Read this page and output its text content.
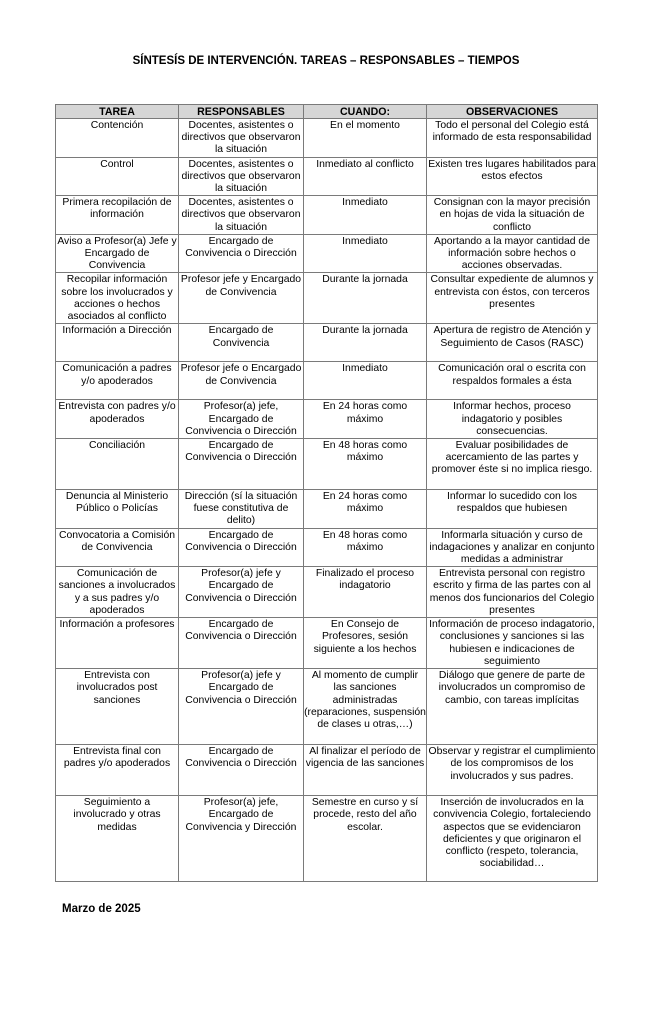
SÍNTESÍS DE INTERVENCIÓN. TAREAS – RESPONSABLES – TIEMPOS
TAREA	RESPONSABLES	CUANDO:	OBSERVACIONES
Contención	Docentes, asistentes o directivos que observaron la situación	En el momento	Todo el personal del Colegio está informado de esta responsabilidad
Control	Docentes, asistentes o directivos que observaron la situación	Inmediato al conflicto	Existen tres lugares habilitados para estos efectos
Primera recopilación de información	Docentes, asistentes o directivos que observaron la situación	Inmediato	Consignan con la mayor precisión en hojas de vida la situación de conflicto
Aviso a Profesor(a) Jefe y Encargado de Convivencia	Encargado de Convivencia o Dirección	Inmediato	Aportando a la mayor cantidad de información sobre hechos o acciones observadas.
Recopilar información sobre los involucrados y acciones o hechos asociados al conflicto	Profesor jefe y Encargado de Convivencia	Durante la jornada	Consultar expediente de alumnos y entrevista con éstos, con terceros presentes
Información a Dirección	Encargado de Convivencia	Durante la jornada	Apertura de registro de Atención y Seguimiento de Casos (RASC)
Comunicación a padres y/o apoderados	Profesor jefe o Encargado de Convivencia	Inmediato	Comunicación oral o escrita con respaldos formales a ésta
Entrevista con padres y/o apoderados	Profesor(a) jefe, Encargado de Convivencia o Dirección	En 24 horas como máximo	Informar hechos, proceso indagatorio y posibles consecuencias.
Conciliación	Encargado de Convivencia o Dirección	En 48 horas como máximo	Evaluar posibilidades de acercamiento de las partes y promover éste si no implica riesgo.
Denuncia al Ministerio Público o Policías	Dirección (sí la situación fuese constitutiva de delito)	En 24 horas como máximo	Informar lo sucedido con los respaldos que hubiesen
Convocatoria a Comisión de Convivencia	Encargado de Convivencia o Dirección	En 48 horas como máximo	Informarla situación y curso de indagaciones y analizar en conjunto medidas a administrar
Comunicación de sanciones a involucrados y a sus padres y/o apoderados	Profesor(a) jefe y Encargado de Convivencia o Dirección	Finalizado el proceso indagatorio	Entrevista personal con registro escrito y firma de las partes con al menos dos funcionarios del Colegio presentes
Información a profesores	Encargado de Convivencia o Dirección	En Consejo de Profesores, sesión siguiente a los hechos	Información de proceso indagatorio, conclusiones y sanciones si las hubiesen e indicaciones de seguimiento
Entrevista con involucrados post sanciones	Profesor(a) jefe y Encargado de Convivencia o Dirección	Al momento de cumplir las sanciones administradas (reparaciones, suspensión de clases u otras,…)	Diálogo que genere de parte de involucrados un compromiso de cambio, con tareas implícitas
Entrevista final con padres y/o apoderados	Encargado de Convivencia o Dirección	Al finalizar el período de vigencia de las sanciones	Observar y registrar el cumplimiento de los compromisos de los involucrados y sus padres.
Seguimiento a involucrado y otras medidas	Profesor(a) jefe, Encargado de Convivencia y Dirección	Semestre en curso y sí procede, resto del año escolar.	Inserción de involucrados en la convivencia Colegio, fortaleciendo aspectos que se evidenciaron deficientes y que originaron el conflicto (respeto, tolerancia, sociabilidad…
Marzo de 2025
